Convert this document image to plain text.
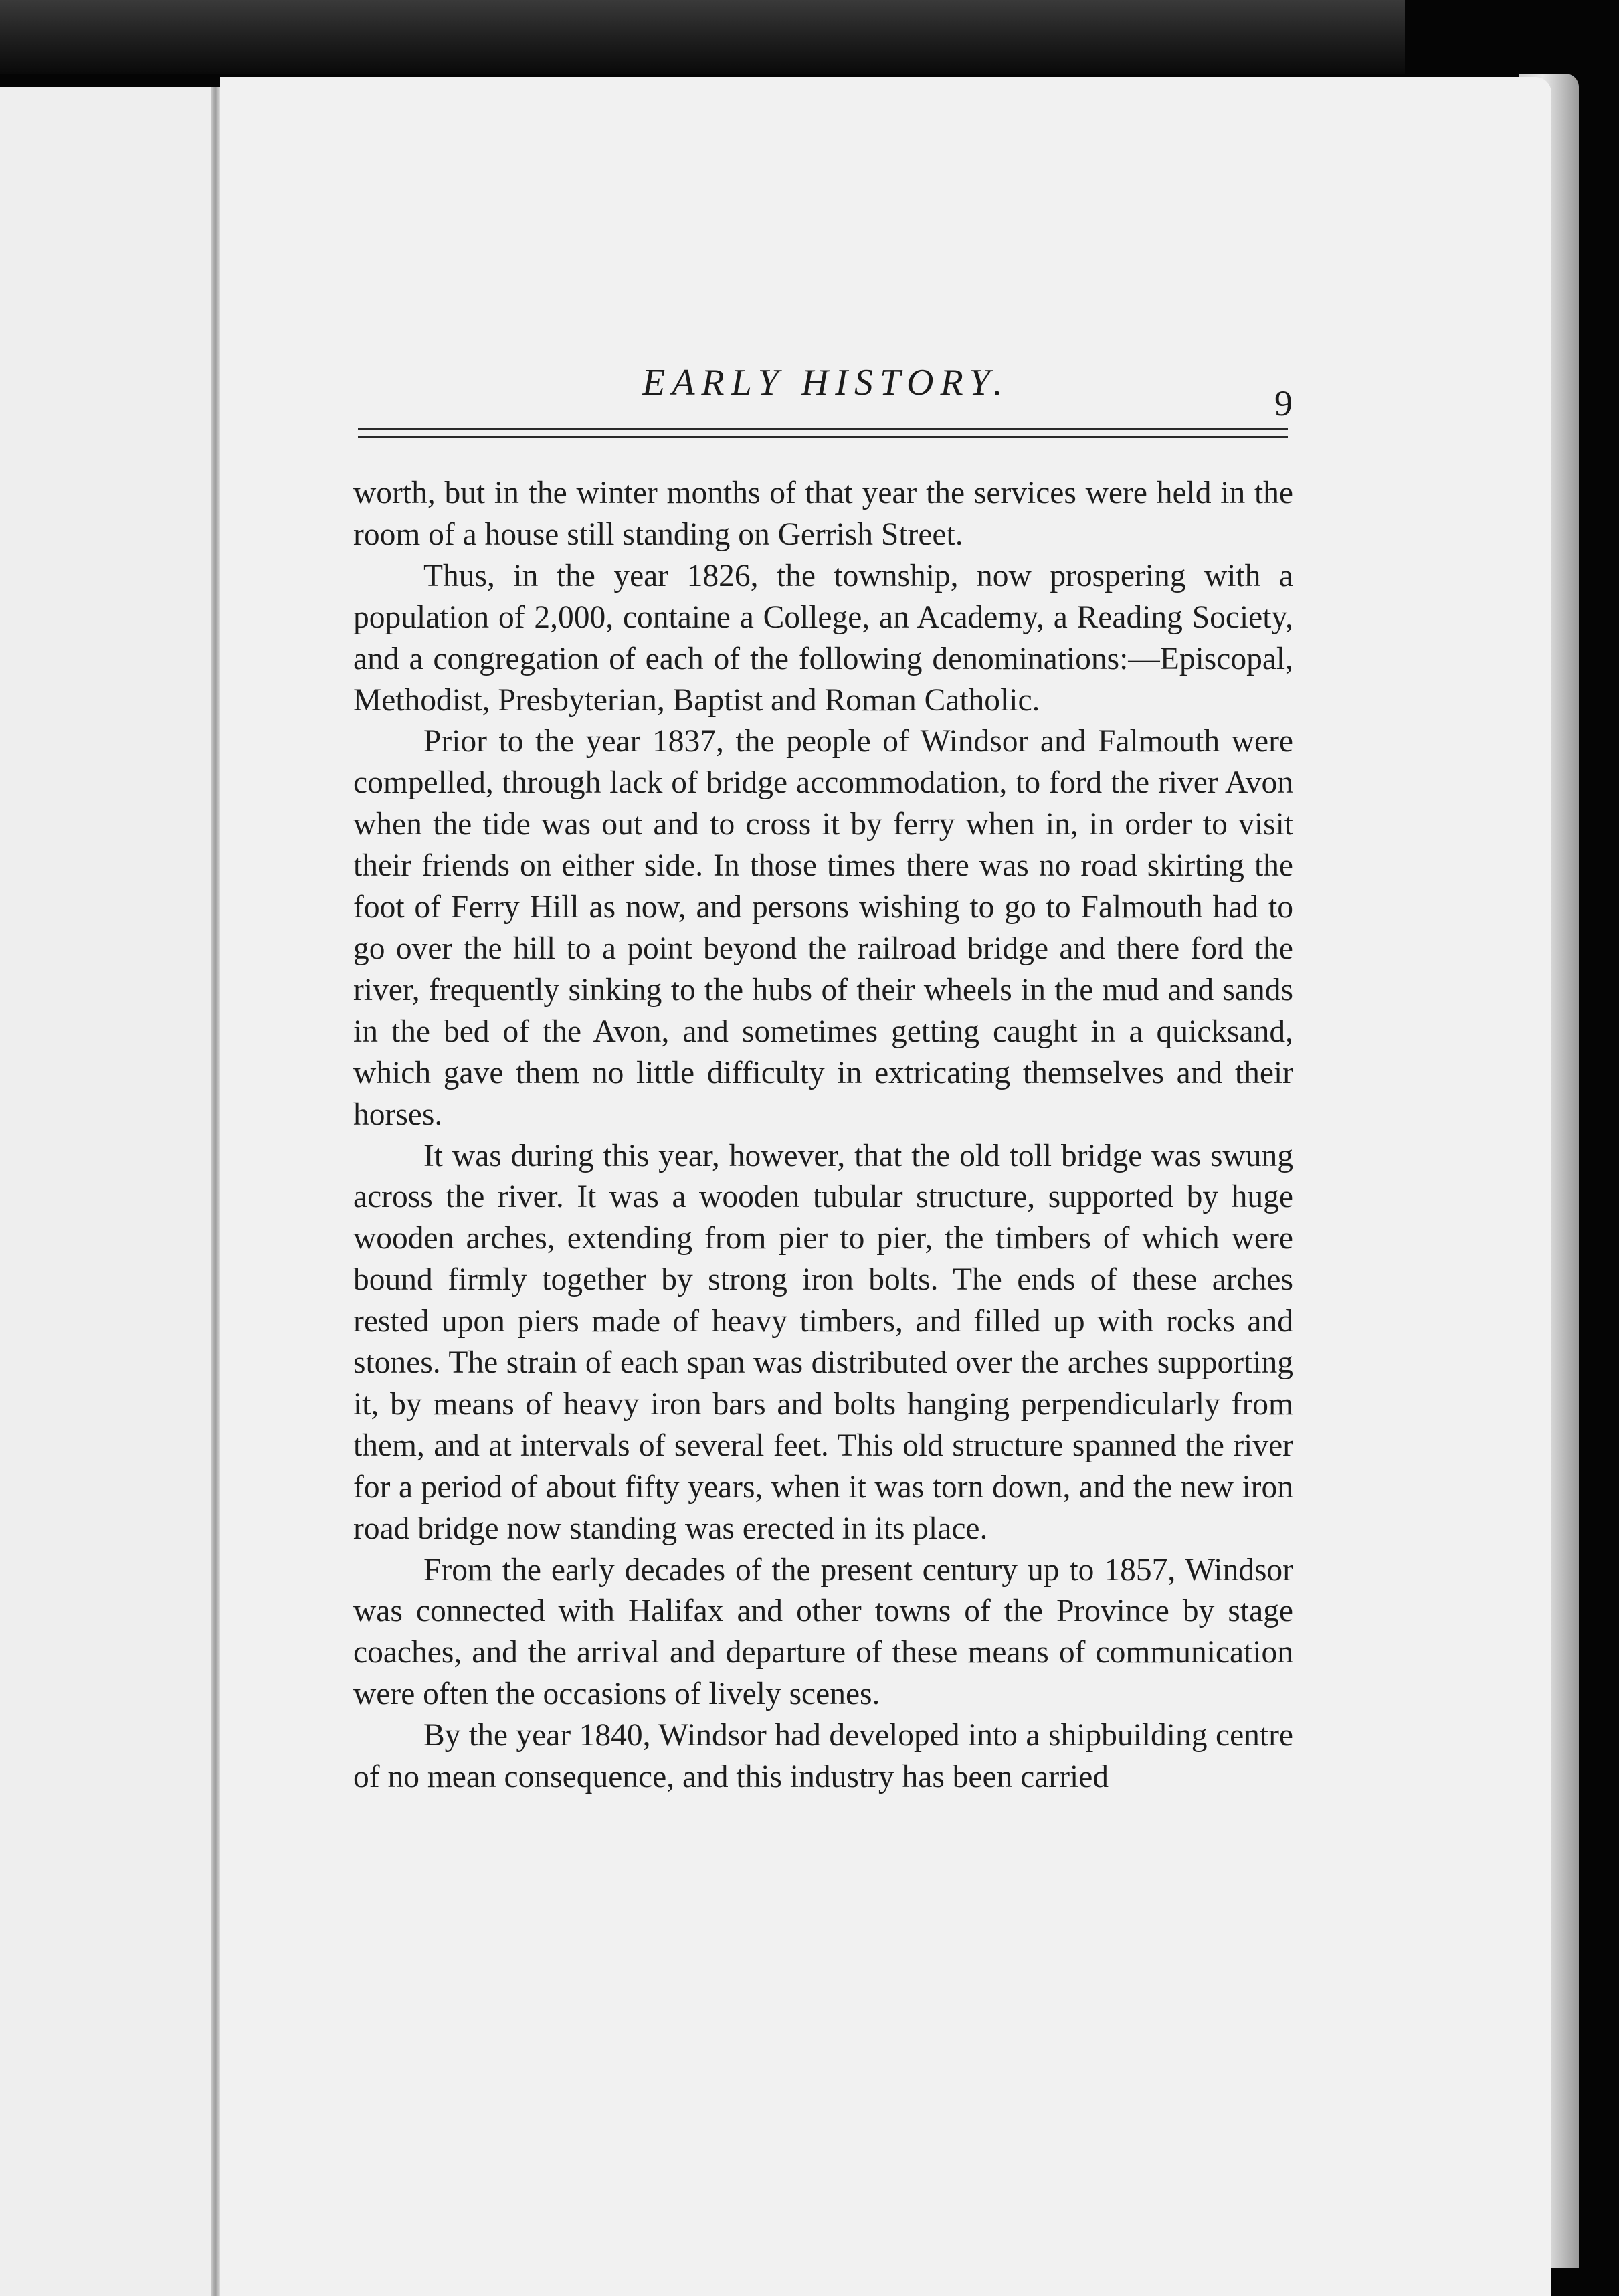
EARLY HISTORY.	9

worth, but in the winter months of that year the services were held in the room of a house still standing on Gerrish Street.

Thus, in the year 1826, the township, now prospering with a population of 2,000, containe a College, an Academy, a Reading Society, and a congregation of each of the following denominations:—Episcopal, Methodist, Presbyterian, Baptist and Roman Catholic.

Prior to the year 1837, the people of Windsor and Falmouth were compelled, through lack of bridge accommodation, to ford the river Avon when the tide was out and to cross it by ferry when in, in order to visit their friends on either side. In those times there was no road skirting the foot of Ferry Hill as now, and persons wishing to go to Falmouth had to go over the hill to a point beyond the railroad bridge and there ford the river, frequently sinking to the hubs of their wheels in the mud and sands in the bed of the Avon, and sometimes getting caught in a quicksand, which gave them no little difficulty in extricating themselves and their horses.

It was during this year, however, that the old toll bridge was swung across the river. It was a wooden tubular structure, supported by huge wooden arches, extending from pier to pier, the timbers of which were bound firmly together by strong iron bolts. The ends of these arches rested upon piers made of heavy timbers, and filled up with rocks and stones. The strain of each span was distributed over the arches supporting it, by means of heavy iron bars and bolts hanging perpendicularly from them, and at intervals of several feet. This old structure spanned the river for a period of about fifty years, when it was torn down, and the new iron road bridge now standing was erected in its place.

From the early decades of the present century up to 1857, Windsor was connected with Halifax and other towns of the Province by stage coaches, and the arrival and departure of these means of communication were often the occasions of lively scenes.

By the year 1840, Windsor had developed into a shipbuilding centre of no mean consequence, and this industry has been carried
